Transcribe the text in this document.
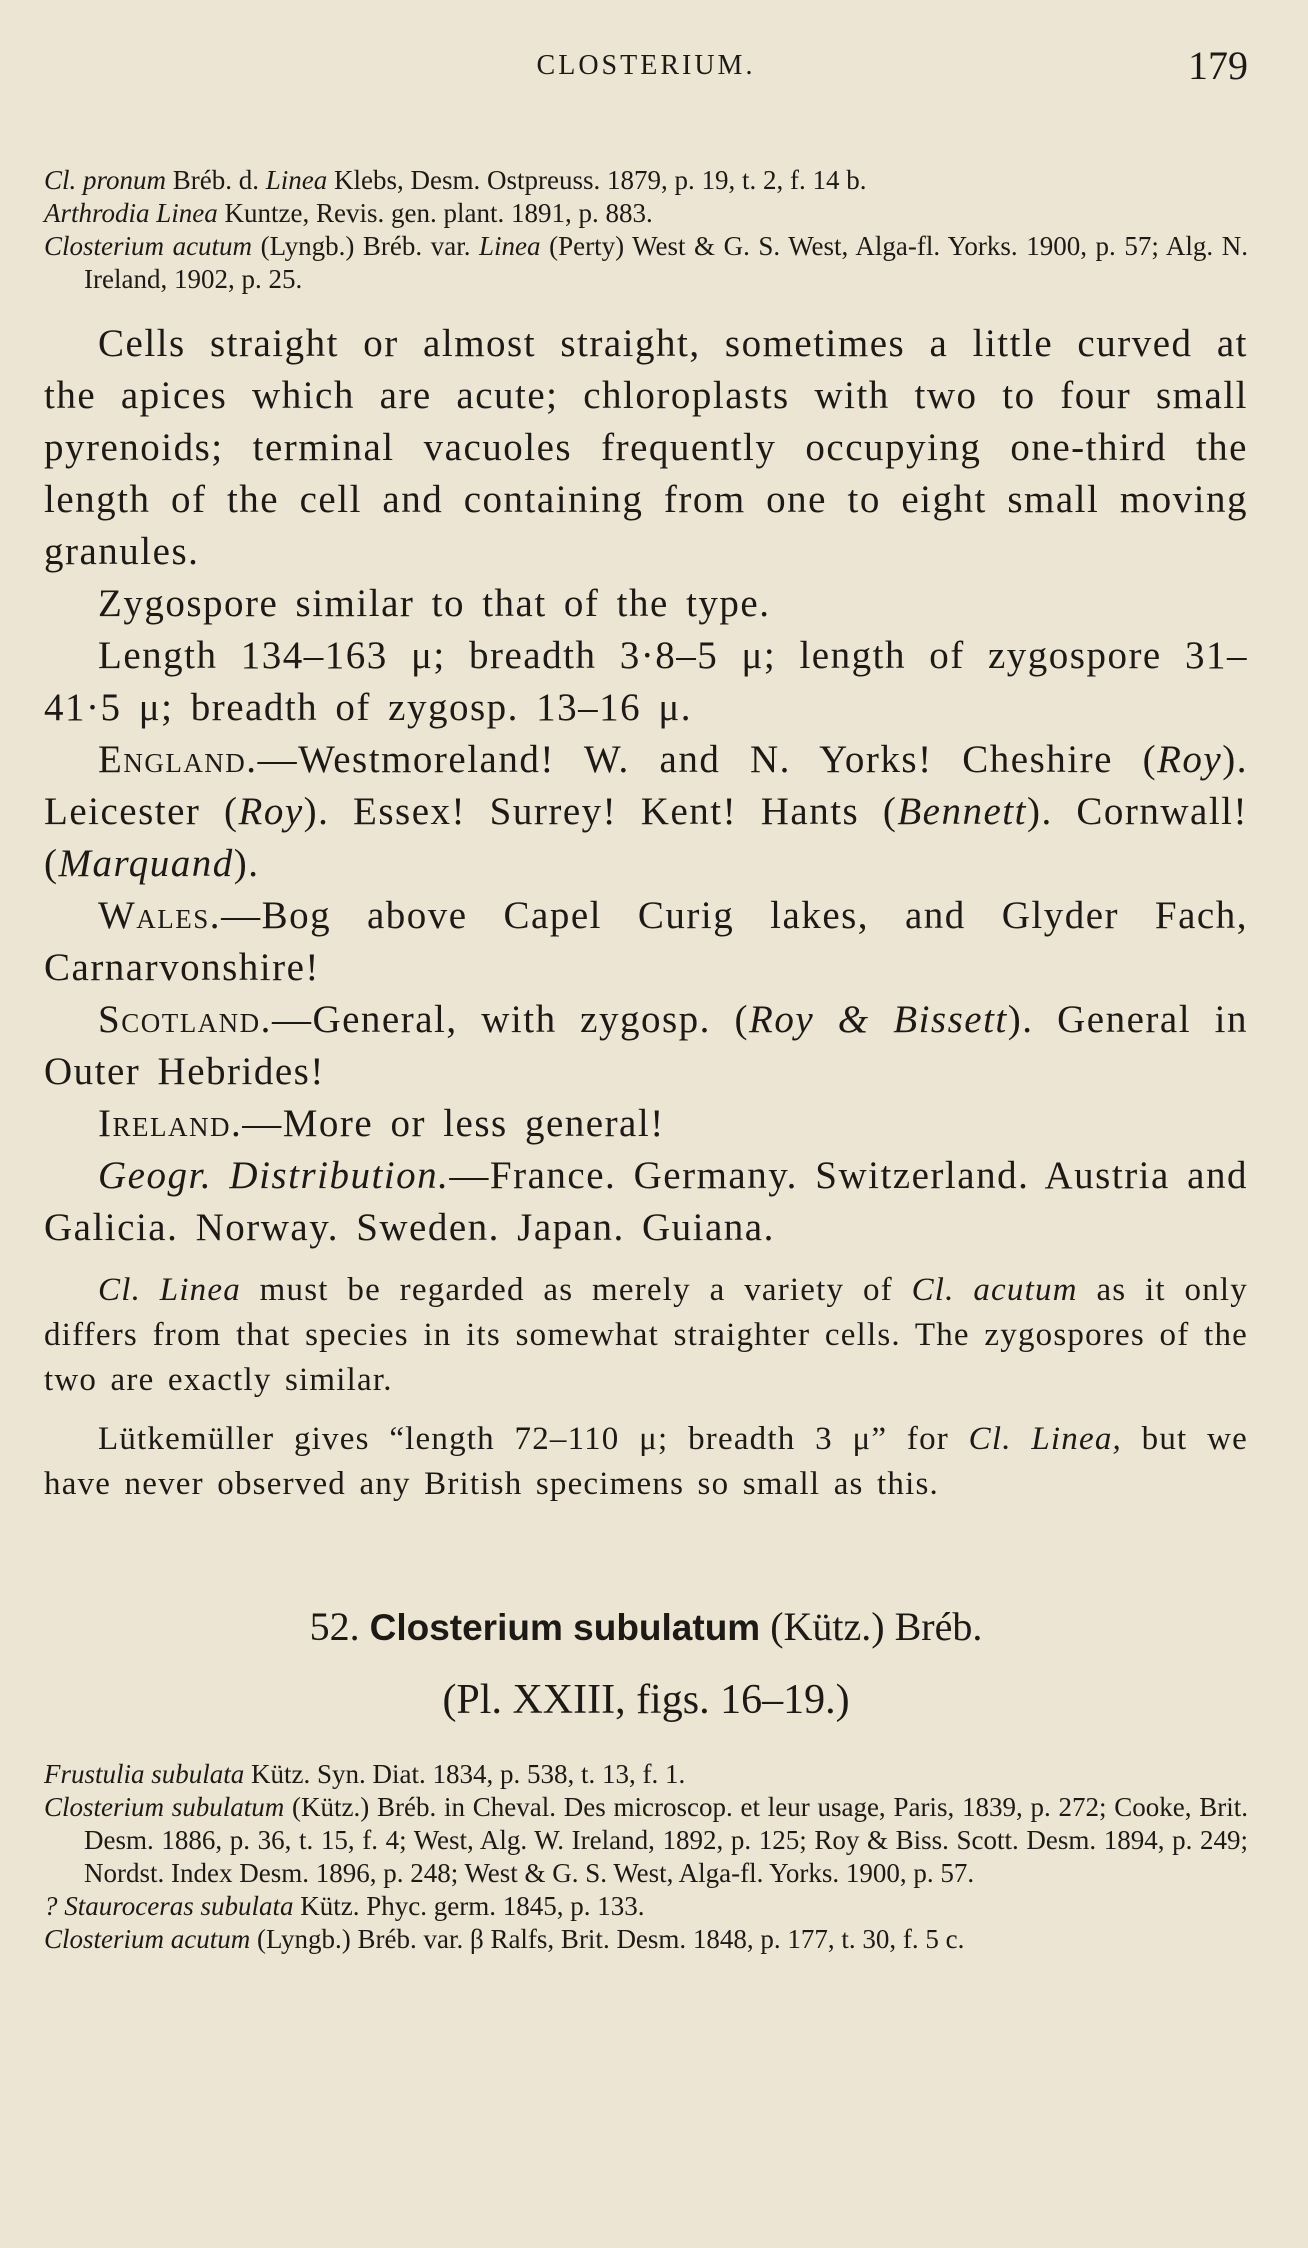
CLOSTERIUM.	179

Cl. pronum Bréb. d. Linea Klebs, Desm. Ostpreuss. 1879, p. 19, t. 2, f. 14 b.

Arthrodia Linea Kuntze, Revis. gen. plant. 1891, p. 883.

Closterium acutum (Lyngb.) Bréb. var. Linea (Perty) West & G. S. West, Alga-fl. Yorks. 1900, p. 57; Alg. N. Ireland, 1902, p. 25.

Cells straight or almost straight, sometimes a little curved at the apices which are acute; chloroplasts with two to four small pyrenoids; terminal vacuoles frequently occupying one-third the length of the cell and containing from one to eight small moving granules.

Zygospore similar to that of the type.

Length 134–163 μ; breadth 3·8–5 μ; length of zygospore 31–41·5 μ; breadth of zygosp. 13–16 μ.

England.—Westmoreland! W. and N. Yorks! Cheshire (Roy). Leicester (Roy). Essex! Surrey! Kent! Hants (Bennett). Cornwall! (Marquand).

Wales.—Bog above Capel Curig lakes, and Glyder Fach, Carnarvonshire!

Scotland.—General, with zygosp. (Roy & Bissett). General in Outer Hebrides!

Ireland.—More or less general!

Geogr. Distribution.—France. Germany. Switzerland. Austria and Galicia. Norway. Sweden. Japan. Guiana.

Cl. Linea must be regarded as merely a variety of Cl. acutum as it only differs from that species in its somewhat straighter cells. The zygospores of the two are exactly similar.

Lütkemüller gives “length 72–110 μ; breadth 3 μ” for Cl. Linea, but we have never observed any British specimens so small as this.

52. Closterium subulatum (Kütz.) Bréb.
(Pl. XXIII, figs. 16–19.)

Frustulia subulata Kütz. Syn. Diat. 1834, p. 538, t. 13, f. 1.

Closterium subulatum (Kütz.) Bréb. in Cheval. Des microscop. et leur usage, Paris, 1839, p. 272; Cooke, Brit. Desm. 1886, p. 36, t. 15, f. 4; West, Alg. W. Ireland, 1892, p. 125; Roy & Biss. Scott. Desm. 1894, p. 249; Nordst. Index Desm. 1896, p. 248; West & G. S. West, Alga-fl. Yorks. 1900, p. 57.

? Stauroceras subulata Kütz. Phyc. germ. 1845, p. 133.

Closterium acutum (Lyngb.) Bréb. var. β Ralfs, Brit. Desm. 1848, p. 177, t. 30, f. 5 c.
